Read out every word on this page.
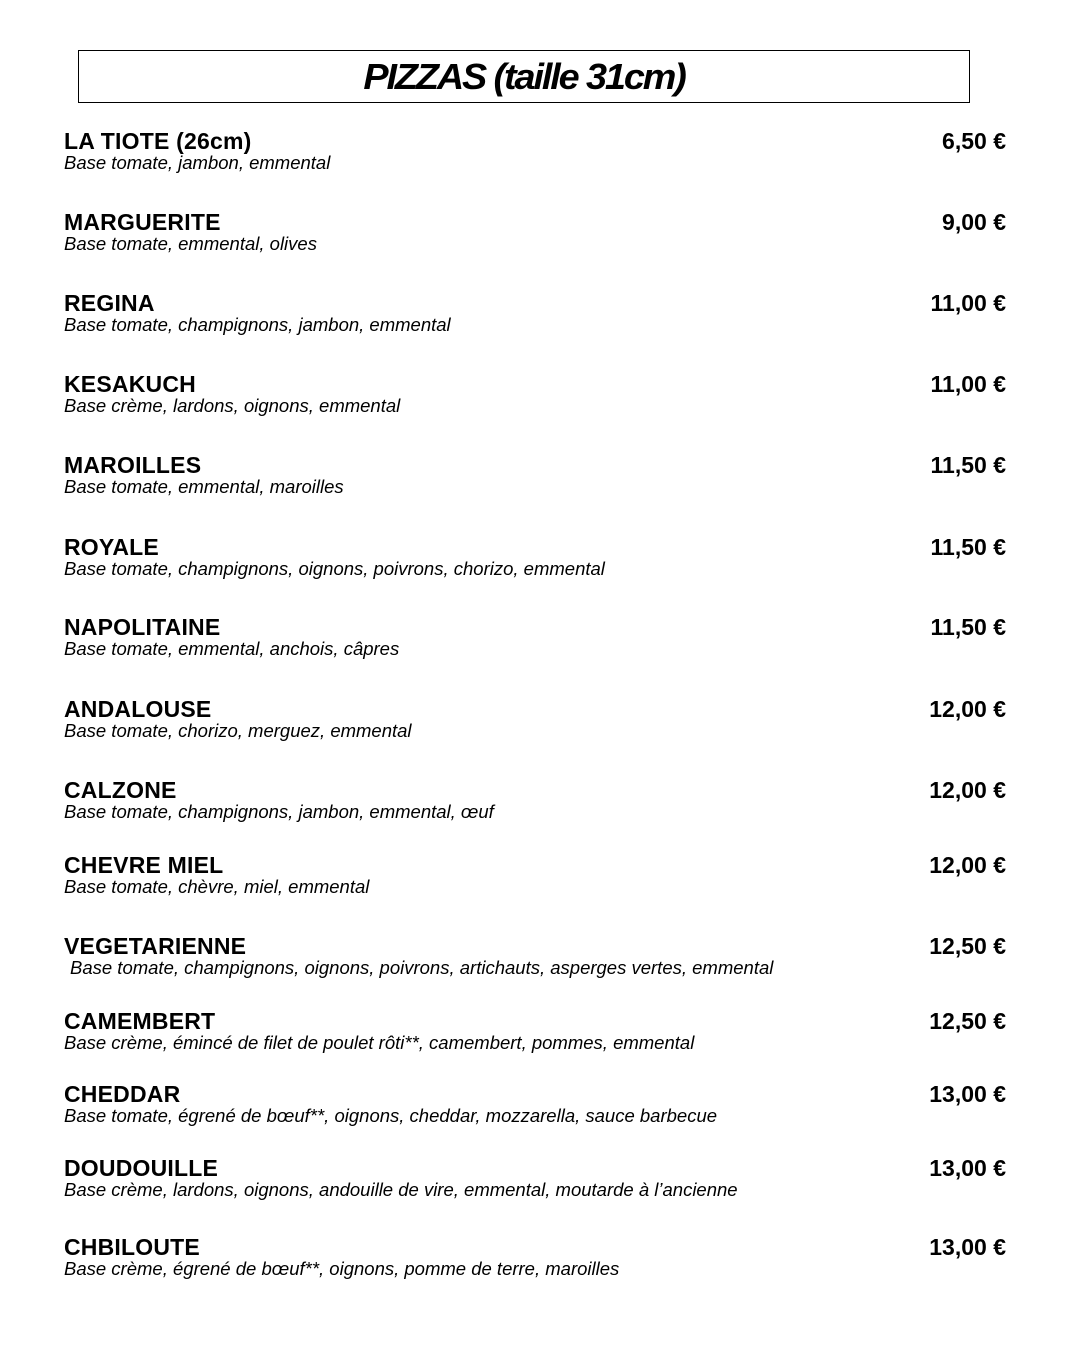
PIZZAS (taille 31cm)
LA TIOTE (26cm)	6,50 €
Base tomate, jambon, emmental
MARGUERITE	9,00 €
Base tomate, emmental, olives
REGINA	11,00 €
Base tomate, champignons, jambon, emmental
KESAKUCH	11,00 €
Base crème, lardons, oignons, emmental
MAROILLES	11,50 €
Base tomate, emmental, maroilles
ROYALE	11,50 €
Base tomate, champignons, oignons, poivrons, chorizo, emmental
NAPOLITAINE	11,50 €
Base tomate, emmental, anchois, câpres
ANDALOUSE	12,00 €
Base tomate, chorizo, merguez, emmental
CALZONE	12,00 €
Base tomate, champignons, jambon, emmental, œuf
CHEVRE MIEL	12,00 €
Base tomate, chèvre, miel, emmental
VEGETARIENNE	12,50 €
Base tomate, champignons, oignons, poivrons, artichauts, asperges vertes, emmental
CAMEMBERT	12,50 €
Base crème, émincé de filet de poulet rôti**, camembert, pommes, emmental
CHEDDAR	13,00 €
Base tomate, égrené de bœuf**, oignons, cheddar, mozzarella, sauce barbecue
DOUDOUILLE	13,00 €
Base crème, lardons, oignons, andouille de vire, emmental, moutarde à l’ancienne
CHBILOUTE	13,00 €
Base crème, égrené de bœuf**, oignons, pomme de terre, maroilles
